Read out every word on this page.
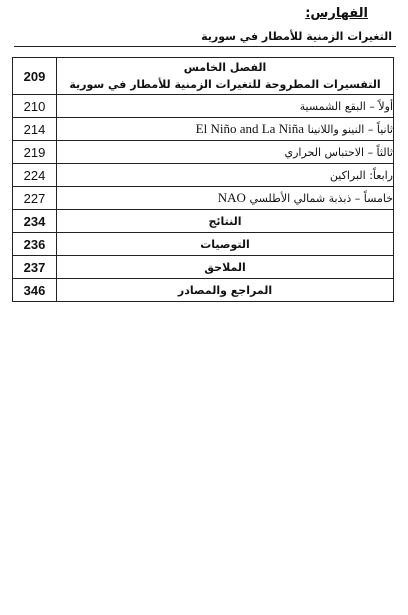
الفهارس:
التغيرات الزمنية للأمطار في سورية
209	الفصل الخامس
التفسيرات المطروحة للتغيرات الزمنية للأمطار في سورية

210	أولاً – البقع الشمسية
214	ثانياً – النينو واللانينا El Niño and La Niña
219	ثالثاً – الاحتباس الحراري
224	رابعاً: البراكين
227	خامساً – ذبذبة شمالي الأطلسي NAO
234	النتائج
236	التوصيات
237	الملاحق
346	المراجع والمصادر
